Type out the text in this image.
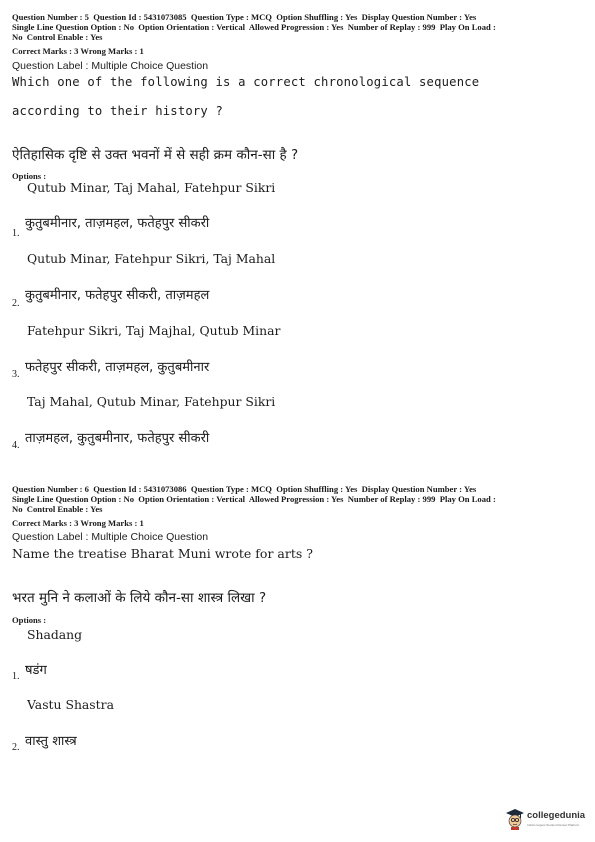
Question Number : 5  Question Id : 5431073085  Question Type : MCQ  Option Shuffling : Yes  Display Question Number : Yes
Single Line Question Option : No  Option Orientation : Vertical  Allowed Progression : Yes  Number of Replay : 999  Play On Load :
No  Control Enable : Yes
Correct Marks : 3 Wrong Marks : 1
Question Label : Multiple Choice Question
Which one of the following is a correct chronological sequence
according to their history ?
ऐतिहासिक दृष्टि से उक्त भवनों में से सही क्रम कौन-सा है ?
Options :
Qutub Minar, Taj Mahal, Fatehpur Sikri
1.
कुतुबमीनार, ताज़महल, फतेहपुर सीकरी
Qutub Minar, Fatehpur Sikri, Taj Mahal
2.
कुतुबमीनार, फतेहपुर सीकरी, ताज़महल
Fatehpur Sikri, Taj Majhal, Qutub Minar
3. फतेहपुर सीकरी, ताज़महल, कुतुबमीनार
Taj Mahal, Qutub Minar, Fatehpur Sikri
4. ताज़महल, कुतुबमीनार, फतेहपुर सीकरी
Question Number : 6  Question Id : 5431073086  Question Type : MCQ  Option Shuffling : Yes  Display Question Number : Yes
Single Line Question Option : No  Option Orientation : Vertical  Allowed Progression : Yes  Number of Replay : 999  Play On Load :
No  Control Enable : Yes
Correct Marks : 3 Wrong Marks : 1
Question Label : Multiple Choice Question
Name the treatise Bharat Muni wrote for arts ?
भरत मुनि ने कलाओं के लिये कौन-सा शास्त्र लिखा ?
Options :
Shadang
1. षडंग
Vastu Shastra
2. वास्तु शास्त्र
collegedunia
India's largest Student Review Platform
